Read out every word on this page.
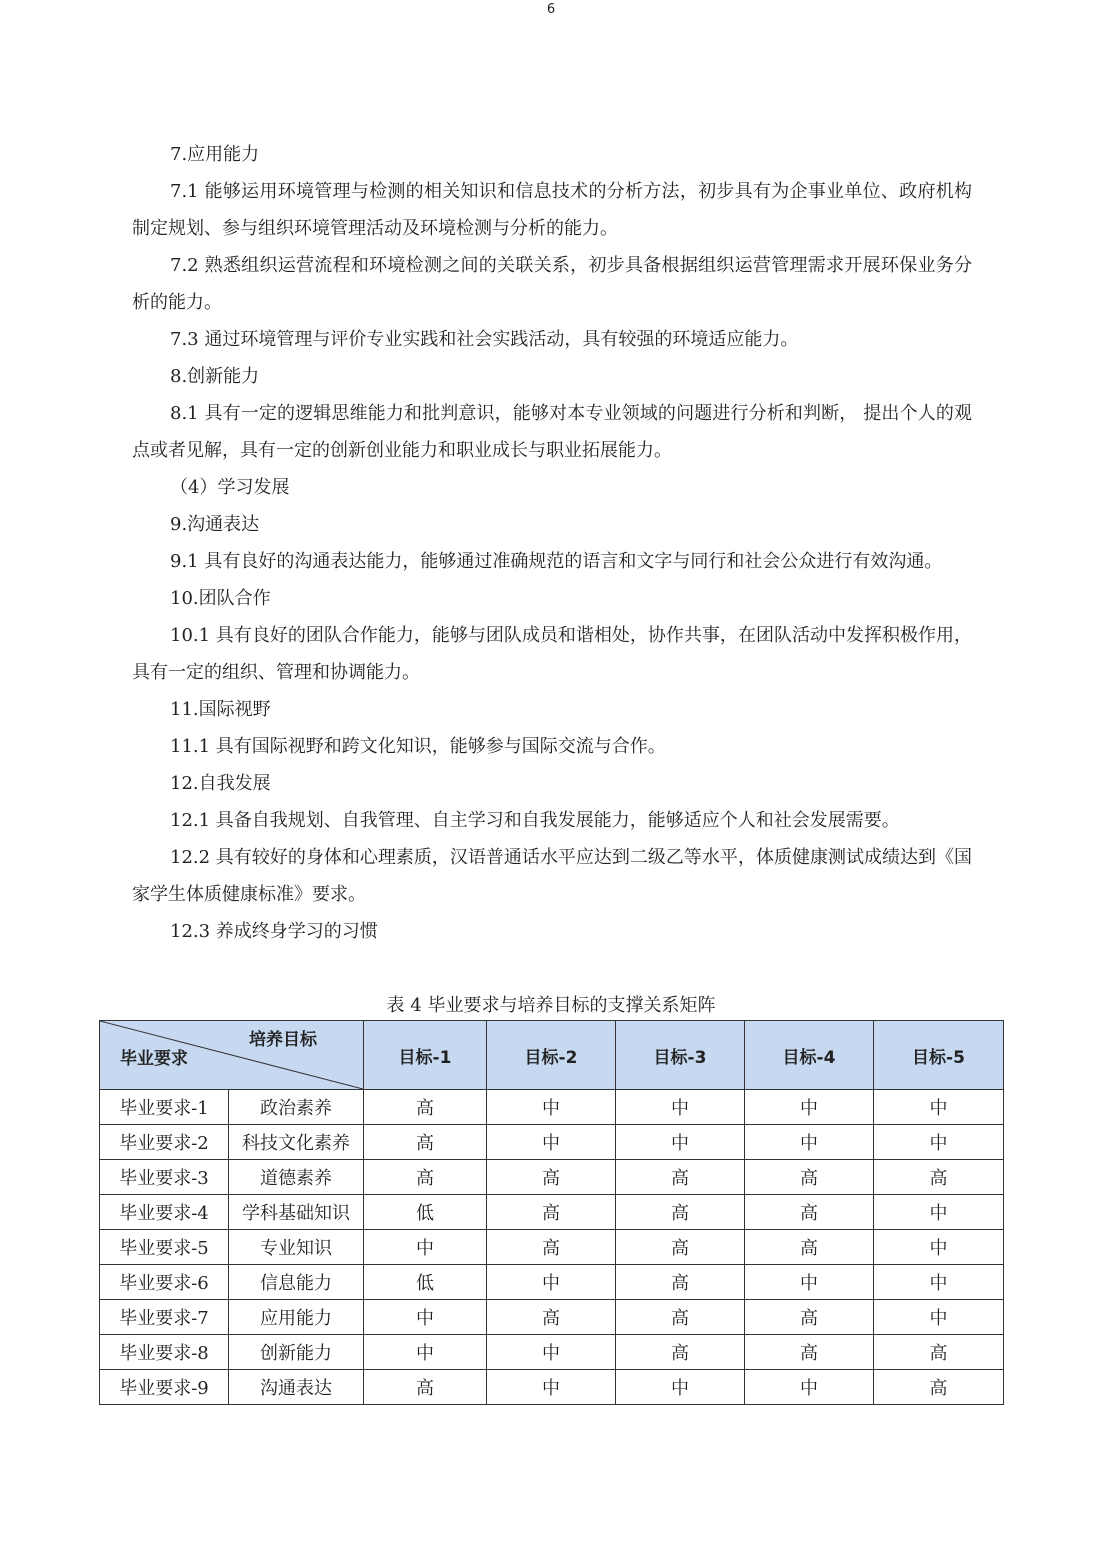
6

7.应用能力

7.1 能够运用环境管理与检测的相关知识和信息技术的分析方法，初步具有为企事业单位、政府机构制定规划、参与组织环境管理活动及环境检测与分析的能力。

7.2 熟悉组织运营流程和环境检测之间的关联关系，初步具备根据组织运营管理需求开展环保业务分析的能力。

7.3 通过环境管理与评价专业实践和社会实践活动，具有较强的环境适应能力。

8.创新能力

8.1 具有一定的逻辑思维能力和批判意识，能够对本专业领域的问题进行分析和判断， 提出个人的观点或者见解，具有一定的创新创业能力和职业成长与职业拓展能力。

（4）学习发展

9.沟通表达

9.1 具有良好的沟通表达能力，能够通过准确规范的语言和文字与同行和社会公众进行有效沟通。

10.团队合作

10.1 具有良好的团队合作能力，能够与团队成员和谐相处，协作共事，在团队活动中发挥积极作用，具有一定的组织、管理和协调能力。

11.国际视野

11.1 具有国际视野和跨文化知识，能够参与国际交流与合作。

12.自我发展

12.1 具备自我规划、自我管理、自主学习和自我发展能力，能够适应个人和社会发展需要。

12.2 具有较好的身体和心理素质，汉语普通话水平应达到二级乙等水平，体质健康测试成绩达到《国家学生体质健康标准》要求。

12.3 养成终身学习的习惯

表 4 毕业要求与培养目标的支撑关系矩阵
培养目标
毕业要求		目标-1	目标-2	目标-3	目标-4	目标-5
毕业要求-1	政治素养	高	中	中	中	中
毕业要求-2	科技文化素养	高	中	中	中	中
毕业要求-3	道德素养	高	高	高	高	高
毕业要求-4	学科基础知识	低	高	高	高	中
毕业要求-5	专业知识	中	高	高	高	中
毕业要求-6	信息能力	低	中	高	中	中
毕业要求-7	应用能力	中	高	高	高	中
毕业要求-8	创新能力	中	中	高	高	高
毕业要求-9	沟通表达	高	中	中	中	高
